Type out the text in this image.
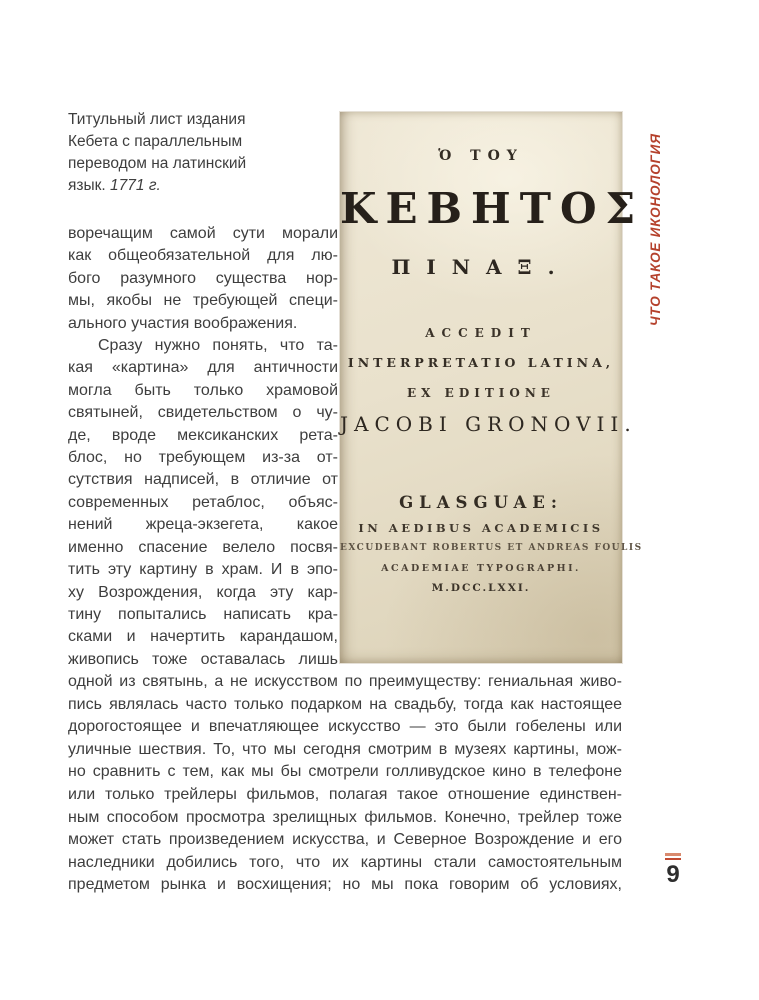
Титульный лист издания
Кебета с параллельным
переводом на латинский
язык. 1771 г.
воречащим самой сути морали
как общеобязательной для лю-
бого разумного существа нор-
мы, якобы не требующей специ-
ального участия воображения.
Сразу нужно понять, что та-
кая «картина» для античности
могла быть только храмовой
святыней, свидетельством о чу-
де, вроде мексиканских рета-
блос, но требующем из-за от-
сутствия надписей, в отличие от
современных ретаблос, объяс-
нений жреца-экзегета, какое
именно спасение велело посвя-
тить эту картину в храм. И в эпо-
ху Возрождения, когда эту кар-
тину попытались написать кра-
сками и начертить карандашом,
живопись тоже оставалась лишь
Ὁ ΤΟΥ
ΚΕΒΗΤΟΣ
ΠΙΝΑΞ.
ACCEDIT
INTERPRETATIO LATINA,
EX EDITIONE
JACOBI GRONOVII.
GLASGUAE:
IN AEDIBUS ACADEMICIS
EXCUDEBANT ROBERTUS ET ANDREAS FOULIS
ACADEMIAE TYPOGRAPHI.
M.DCC.LXXI.
ЧТО ТАКОЕ ИКОНОЛОГИЯ
одной из святынь, а не искусством по преимуществу: гениальная живо-
пись являлась часто только подарком на свадьбу, тогда как настоящее
дорогостоящее и впечатляющее искусство — это были гобелены или
уличные шествия. То, что мы сегодня смотрим в музеях картины, мож-
но сравнить с тем, как мы бы смотрели голливудское кино в телефоне
или только трейлеры фильмов, полагая такое отношение единствен-
ным способом просмотра зрелищных фильмов. Конечно, трейлер тоже
может стать произведением искусства, и Северное Возрождение и его
наследники добились того, что их картины стали самостоятельным
предметом рынка и восхищения; но мы пока говорим об условиях, 9
